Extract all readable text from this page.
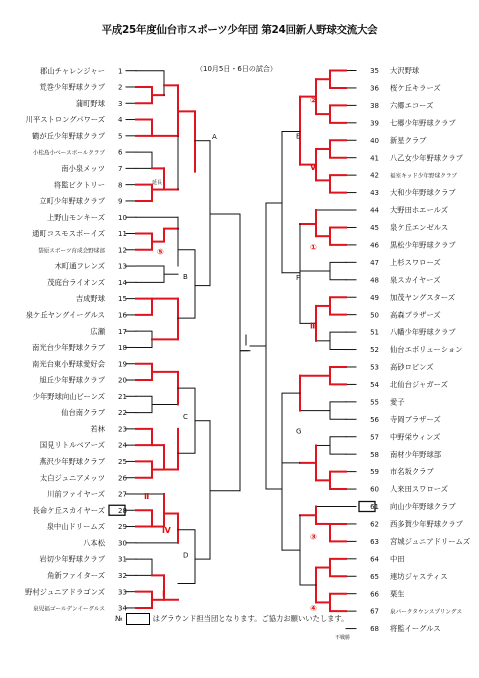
平成25年度仙台市スポーツ少年団 第24回新人野球交流大会
（10月5日・6日の試合）
郡山チャレンジャー 1
荒巻少年野球クラブ 2
蒲町野球 3
川平ストロングパワーズ 4
鶴が丘少年野球クラブ 5
小松島小ベースボールクラブ 6
南小泉メッツ 7
将監ビクトリー 8
立町少年野球クラブ 9
上野山モンキーズ 10
通町コスモスボーイズ 11
袋原スポーツ育成会野球部 12
木町通フレンズ 13
茂庭台ライオンズ 14
吉成野球 15
泉ケ丘ヤングイーグルス 16
広瀬 17
南光台少年野球クラブ 18
南光台東小野球愛好会 19
旭丘少年野球クラブ 20
少年野球向山ビーンズ 21
仙台南クラブ 22
若林 23
国見リトルベアーズ 24
燕沢少年野球クラブ 25
太白ジュニアメッツ 26
川前ファイヤーズ 27
長命ケ丘スカイヤーズ 28
泉中山ドリームズ 29
八本松 30
岩切少年野球クラブ 31
角新ファイターズ 32
野村ジュニアドラゴンズ 33
泉児福ゴールデンイーグルス 34
35 大沢野球
36 桜ケ丘キラーズ
38 六郷エコーズ
39 七郷少年野球クラブ
40 新星クラブ
41 八乙女少年野球クラブ
42 福室キッド少年野球クラブ
43 大和少年野球クラブ
44 大野田ホエールズ
45 泉ケ丘エンゼルス
46 黒松少年野球クラブ
47 上杉スワローズ
48 泉スカイヤーズ
49 加茂ヤングスターズ
50 高森ブラザーズ
51 八幡少年野球クラブ
52 仙台エボリューション
53 高砂ロビンズ
54 北仙台ジャガーズ
55 愛子
56 寺岡ブラザーズ
57 中野栄ウィンズ
58 南材少年野球部
59 市名坂クラブ
60 人来田スワローズ
61 向山少年野球クラブ
62 西多賀少年野球クラブ
63 宮城ジュニアドリームズ
64 中田
65 連坊ジャスティス
66 栗生
67 泉パークタウンスプリングス
68 将監イーグルス
A
B
C
D
E
F
G
②
Ⅴ
①
Ⅲ
③
④
⑤
Ⅱ
Ⅳ
Ⅰ
延長
不戦勝
№	はグラウンド担当団となります。ご協力お願いいたします。
